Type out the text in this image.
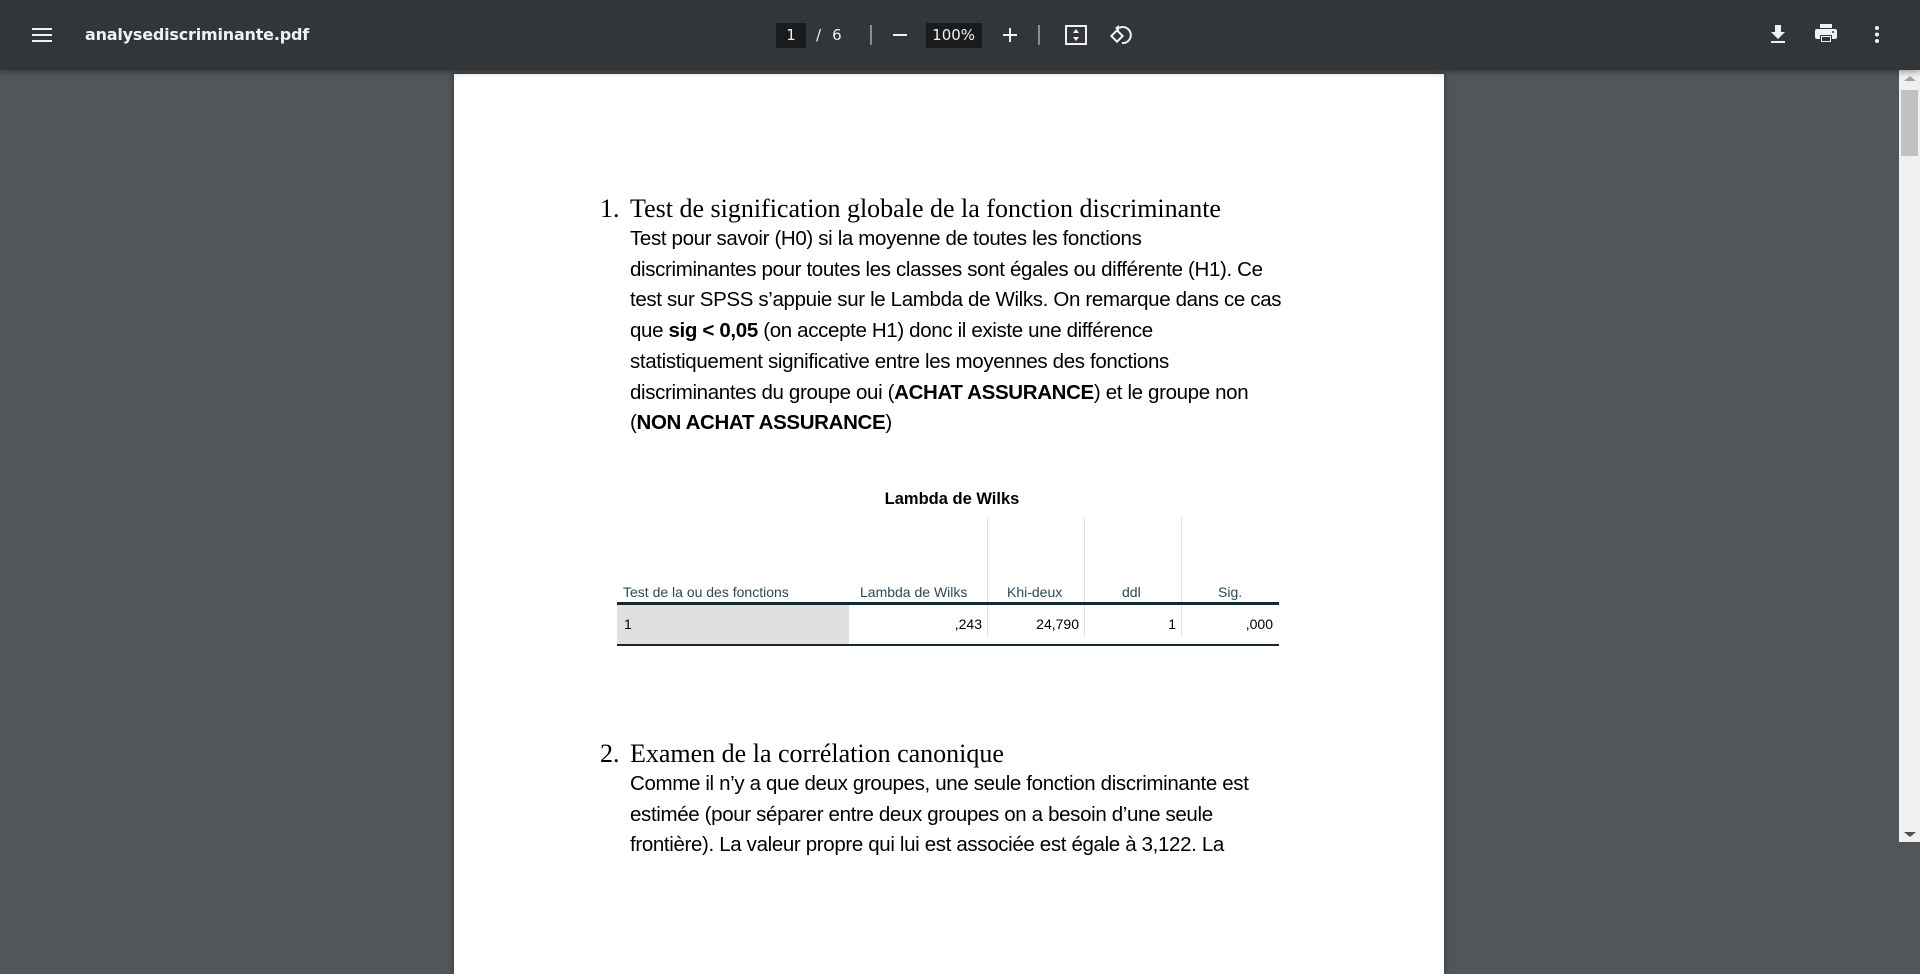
analysediscriminante.pdf	1	/ 6	100%
1. Test de signification globale de la fonction discriminante
Test pour savoir (H0) si la moyenne de toutes les fonctions
discriminantes pour toutes les classes sont égales ou différente (H1). Ce
test sur SPSS s’appuie sur le Lambda de Wilks. On remarque dans ce cas
que sig < 0,05 (on accepte H1) donc il existe une différence
statistiquement significative entre les moyennes des fonctions
discriminantes du groupe oui (ACHAT ASSURANCE) et le groupe non
(NON ACHAT ASSURANCE)
Lambda de Wilks
Test de la ou des fonctions	Lambda de Wilks	Khi-deux	ddl	Sig.
1	,243	24,790	1	,000
2. Examen de la corrélation canonique
Comme il n’y a que deux groupes, une seule fonction discriminante est
estimée (pour séparer entre deux groupes on a besoin d’une seule
frontière). La valeur propre qui lui est associée est égale à 3,122. La
